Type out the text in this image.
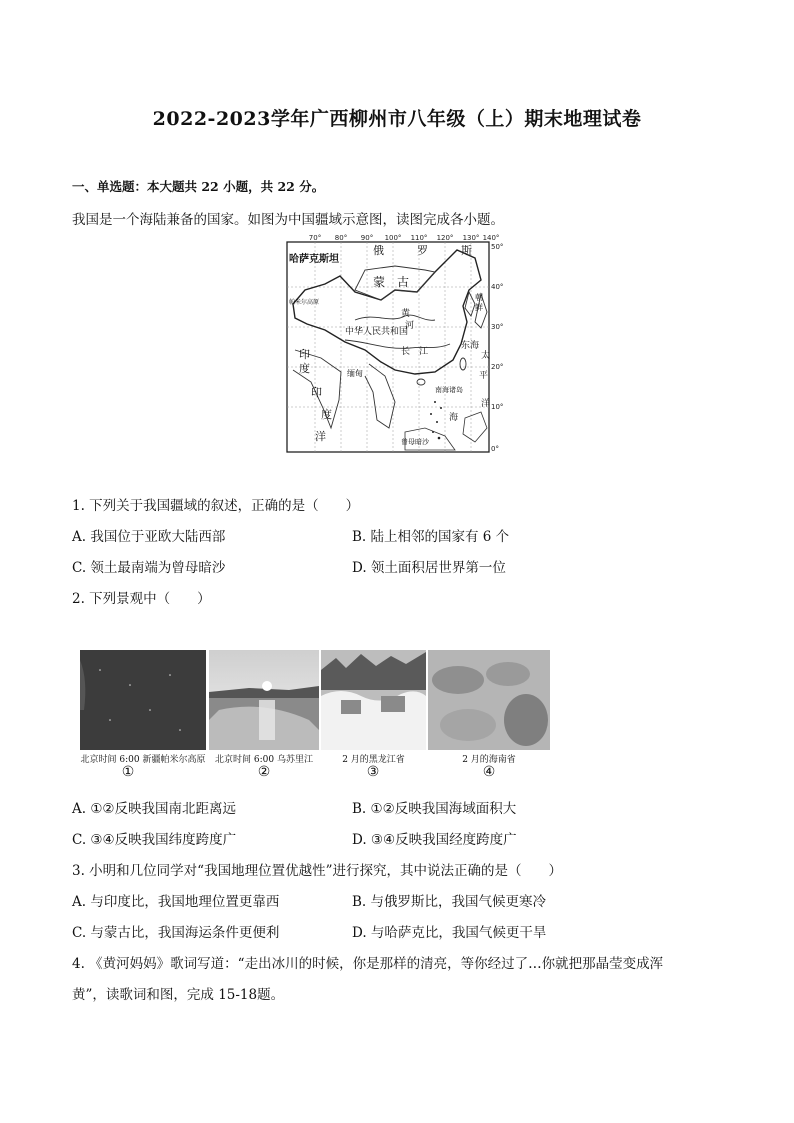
2022-2023学年广西柳州市八年级（上）期末地理试卷
一、单选题：本大题共 22 小题，共 22 分。
我国是一个海陆兼备的国家。如图为中国疆域示意图，读图完成各小题。
70° 80° 90° 100° 110° 120° 130° 140°
50°
40°
30°
20°
10°
0°
哈萨克斯坦
俄	罗	斯
蒙 古
帕米尔高原
黄
河
中华人民共和国
长 江
朝
鲜
东海
太
平
洋
印
度	缅甸
印
度
洋
南海诸岛
海
曾母暗沙
1. 下列关于我国疆域的叙述，正确的是（　　）
A. 我国位于亚欧大陆西部	B. 陆上相邻的国家有 6 个
C. 领土最南端为曾母暗沙	D. 领土面积居世界第一位
2. 下列景观中（　　）
北京时间 6:00 新疆帕米尔高原	北京时间 6:00 乌苏里江	2 月的黑龙江省	2 月的海南省
①	②	③	④
A. ①②反映我国南北距离远	B. ①②反映我国海域面积大
C. ③④反映我国纬度跨度广	D. ③④反映我国经度跨度广
3. 小明和几位同学对“我国地理位置优越性”进行探究，其中说法正确的是（　　）
A. 与印度比，我国地理位置更靠西	B. 与俄罗斯比，我国气候更寒冷
C. 与蒙古比，我国海运条件更便利	D. 与哈萨克比，我国气候更干旱
4. 《黄河妈妈》歌词写道：“走出冰川的时候，你是那样的清亮，等你经过了…你就把那晶莹变成浑
黄”，读歌词和图，完成 15-18题。
